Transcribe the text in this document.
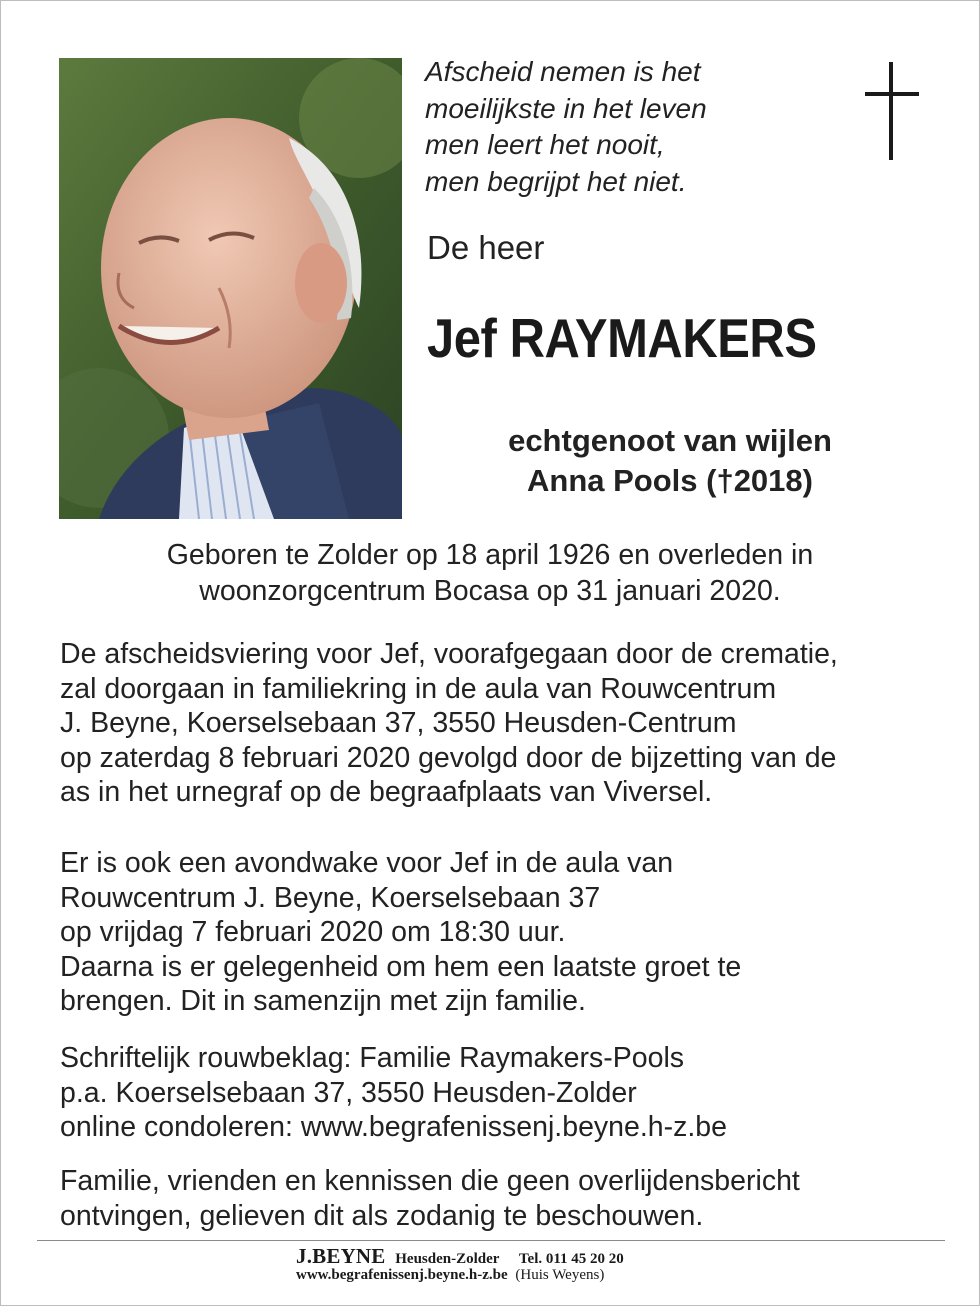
Afscheid nemen is het
moeilijkste in het leven
men leert het nooit,
men begrijpt het niet.
De heer
Jef RAYMAKERS
echtgenoot van wijlen
Anna Pools (†2018)
Geboren te Zolder op 18 april 1926 en overleden in
woonzorgcentrum Bocasa op 31 januari 2020.
De afscheidsviering voor Jef, voorafgegaan door de crematie,
zal doorgaan in familiekring in de aula van Rouwcentrum
J. Beyne, Koerselsebaan 37, 3550 Heusden-Centrum
op zaterdag 8 februari 2020 gevolgd door de bijzetting van de
as in het urnegraf op de begraafplaats van Viversel.
Er is ook een avondwake voor Jef in de aula van
Rouwcentrum J. Beyne, Koerselsebaan 37
op vrijdag 7 februari 2020 om 18:30 uur.
Daarna is er gelegenheid om hem een laatste groet te
brengen. Dit in samenzijn met zijn familie.
Schriftelijk rouwbeklag: Familie Raymakers-Pools
p.a. Koerselsebaan 37, 3550 Heusden-Zolder
online condoleren: www.begrafenissenj.beyne.h-z.be
Familie, vrienden en kennissen die geen overlijdensbericht
ontvingen, gelieven dit als zodanig te beschouwen.
J.BEYNE Heusden-Zolder Tel. 011 45 20 20
www.begrafenissenj.beyne.h-z.be (Huis Weyens)
